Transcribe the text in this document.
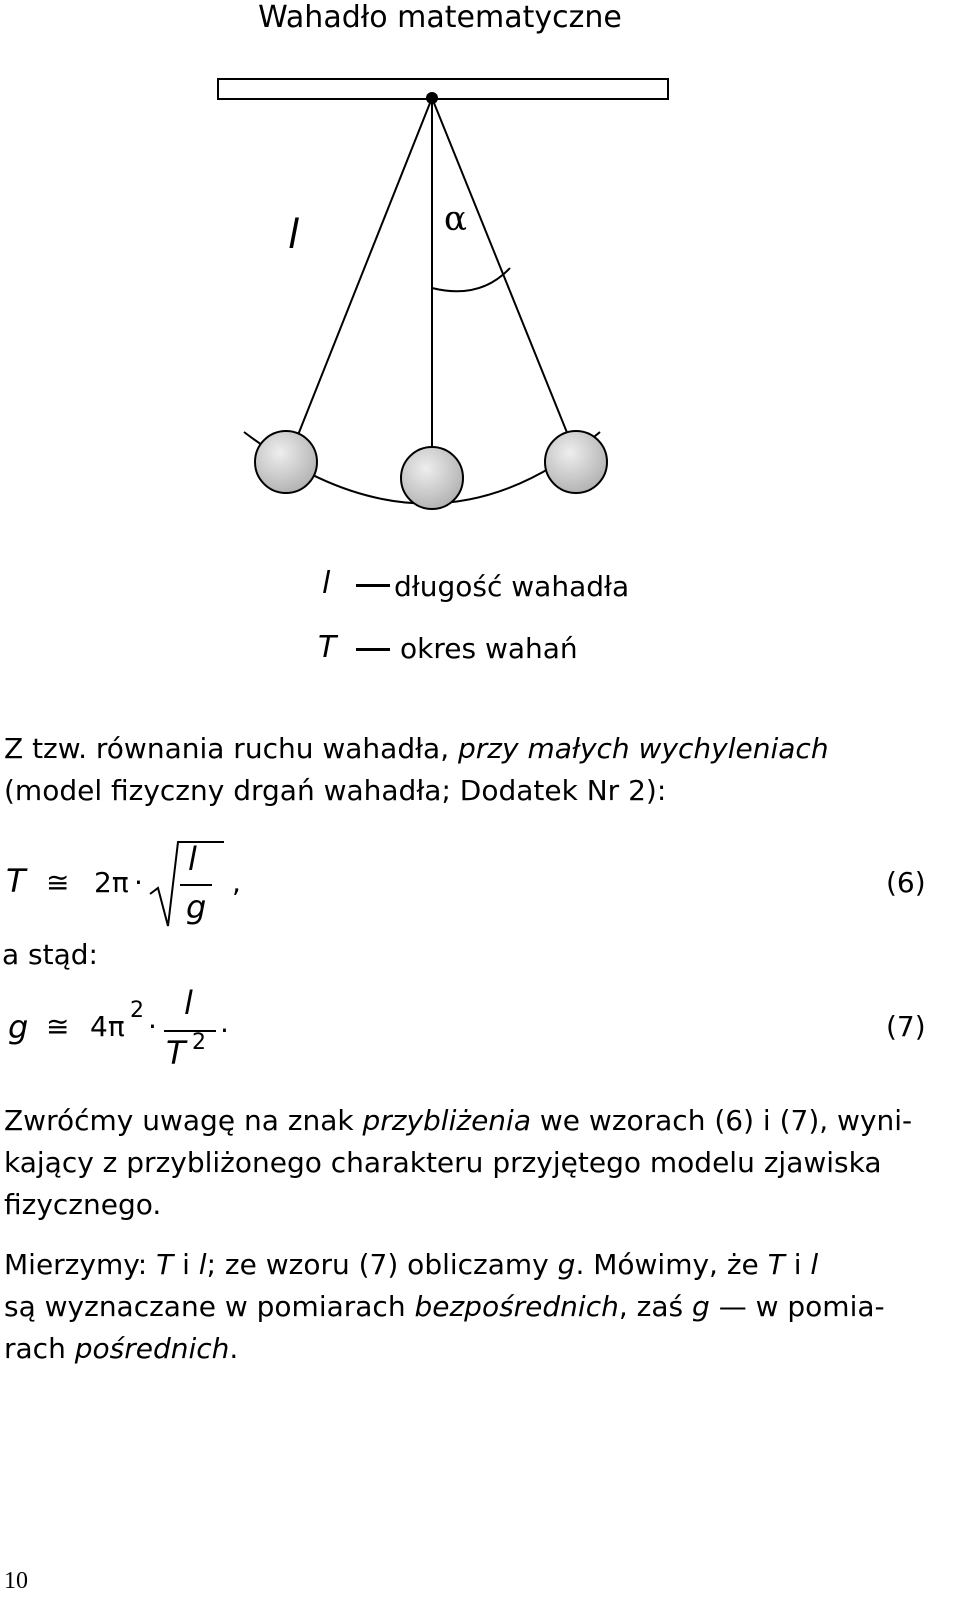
Wahadło matematyczne
l	α
l długość wahadła
T okres wahań

Z tzw. równania ruchu wahadła, przy małych wychyleniach

(model fizyczny drgań wahadła; Dodatek Nr 2):

T ≅ 2π ·
l
g
,	(6)
a stąd:
g ≅ 4π 2 ·
l
T 2
.	(7)

Zwróćmy uwagę na znak przybliżenia we wzorach (6) i (7), wyni-

kający z przybliżonego charakteru przyjętego modelu zjawiska

fizycznego.

Mierzymy: T i l; ze wzoru (7) obliczamy g. Mówimy, że T i l

są wyznaczane w pomiarach bezpośrednich, zaś g — w pomia-

rach pośrednich.

10
